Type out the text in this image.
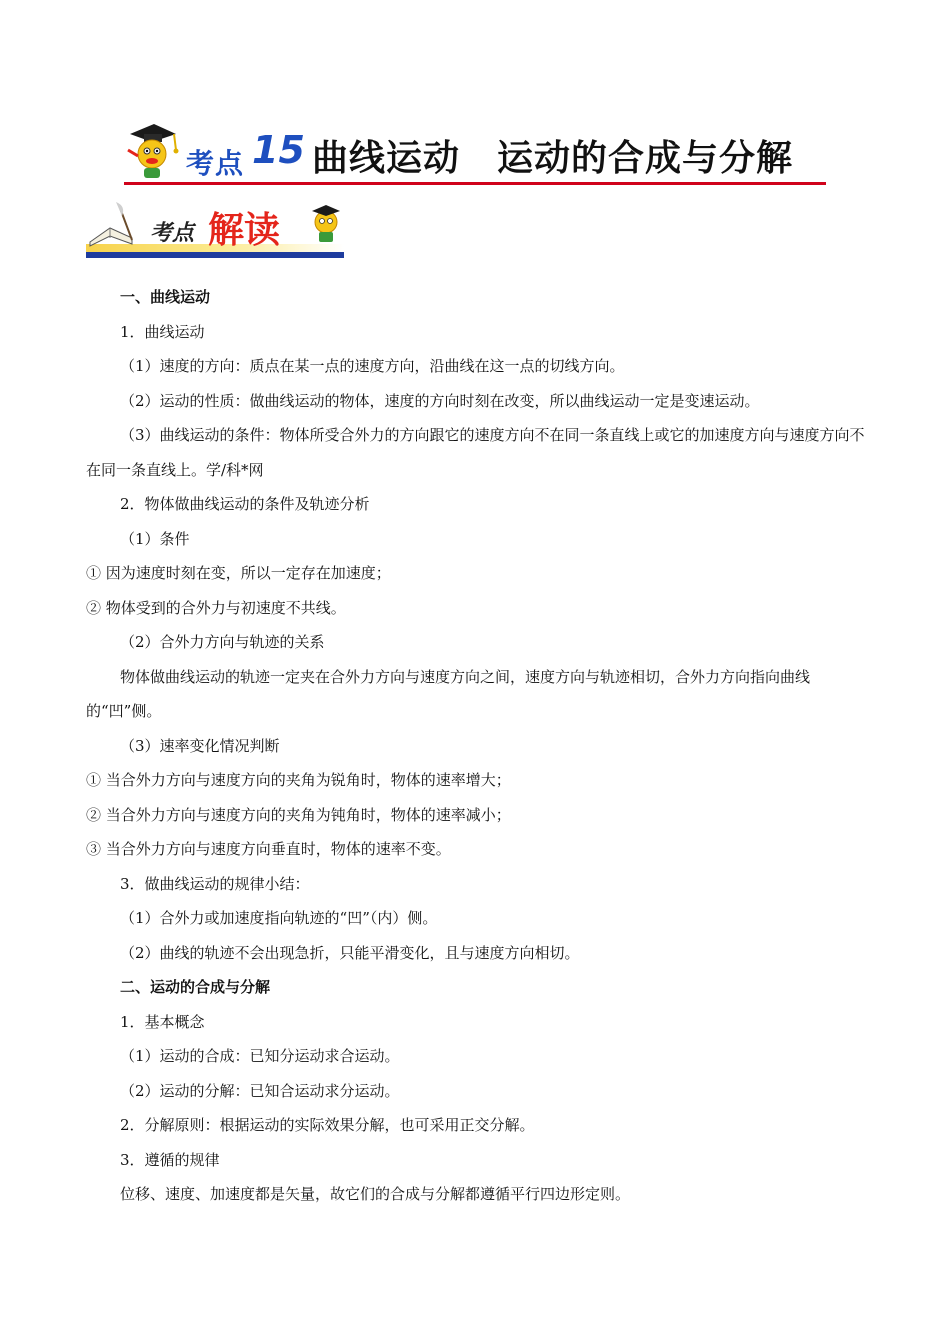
考点 15 曲线运动　运动的合成与分解
考点 解读

一、曲线运动

1．曲线运动

（1）速度的方向：质点在某一点的速度方向，沿曲线在这一点的切线方向。

（2）运动的性质：做曲线运动的物体，速度的方向时刻在改变，所以曲线运动一定是变速运动。

（3）曲线运动的条件：物体所受合外力的方向跟它的速度方向不在同一条直线上或它的加速度方向与速度方向不在同一条直线上。学/科*网

2．物体做曲线运动的条件及轨迹分析

（1）条件

① 因为速度时刻在变，所以一定存在加速度；

② 物体受到的合外力与初速度不共线。

（2）合外力方向与轨迹的关系

物体做曲线运动的轨迹一定夹在合外力方向与速度方向之间，速度方向与轨迹相切，合外力方向指向曲线的“凹”侧。

（3）速率变化情况判断

① 当合外力方向与速度方向的夹角为锐角时，物体的速率增大；

② 当合外力方向与速度方向的夹角为钝角时，物体的速率减小；

③ 当合外力方向与速度方向垂直时，物体的速率不变。

3．做曲线运动的规律小结：

（1）合外力或加速度指向轨迹的“凹”（内）侧。

（2）曲线的轨迹不会出现急折，只能平滑变化，且与速度方向相切。

二、运动的合成与分解

1．基本概念

（1）运动的合成：已知分运动求合运动。

（2）运动的分解：已知合运动求分运动。

2．分解原则：根据运动的实际效果分解，也可采用正交分解。

3．遵循的规律

位移、速度、加速度都是矢量，故它们的合成与分解都遵循平行四边形定则。
